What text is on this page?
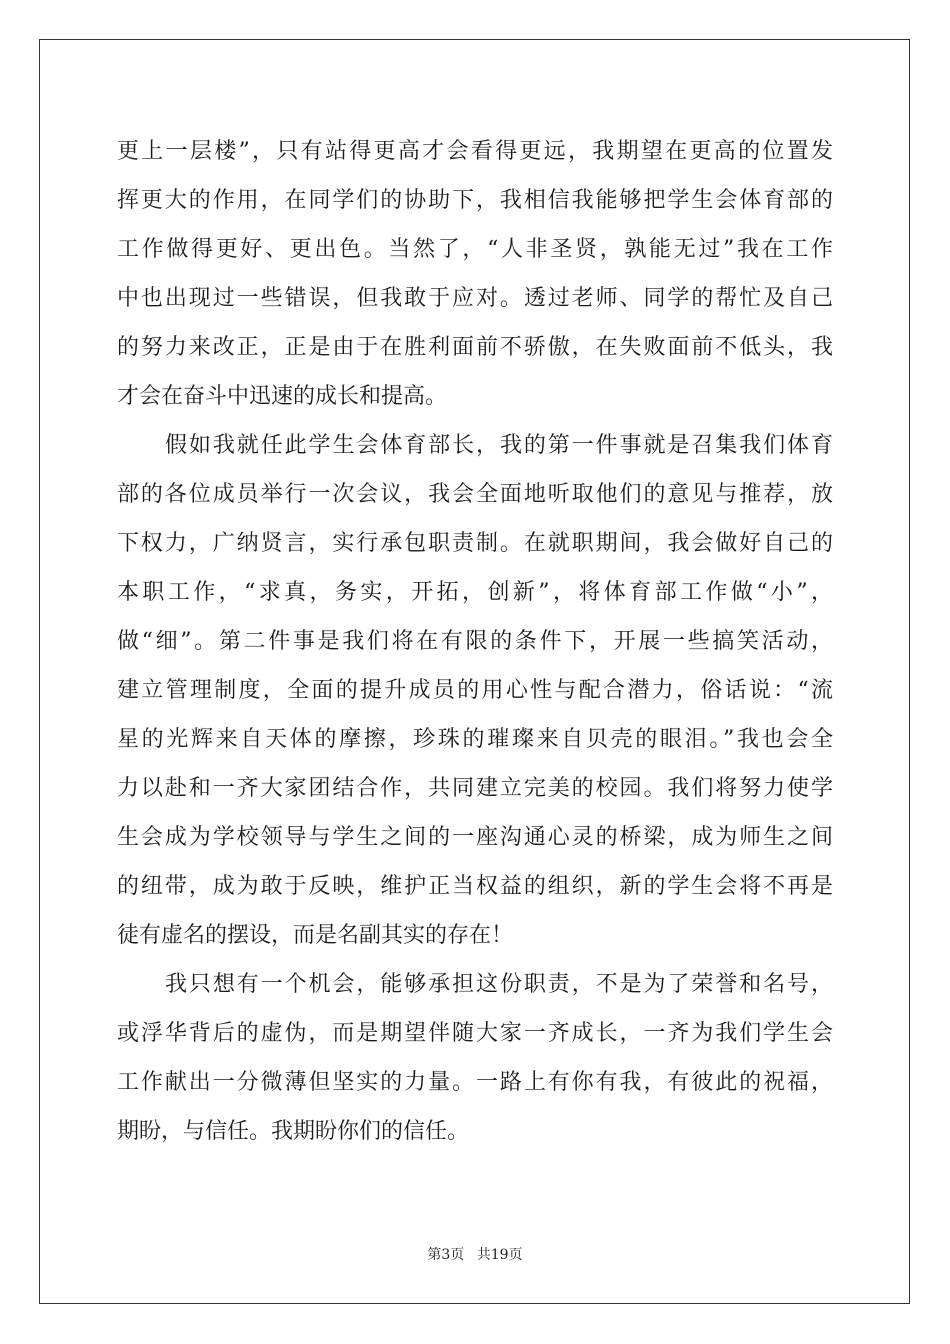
更上一层楼”，只有站得更高才会看得更远，我期望在更高的位置发
挥更大的作用，在同学们的协助下，我相信我能够把学生会体育部的
工作做得更好、更出色。当然了，“人非圣贤，孰能无过”我在工作
中也出现过一些错误，但我敢于应对。透过老师、同学的帮忙及自己
的努力来改正，正是由于在胜利面前不骄傲，在失败面前不低头，我
才会在奋斗中迅速的成长和提高。
假如我就任此学生会体育部长，我的第一件事就是召集我们体育
部的各位成员举行一次会议，我会全面地听取他们的意见与推荐，放
下权力，广纳贤言，实行承包职责制。在就职期间，我会做好自己的
本职工作，“求真，务实，开拓，创新”，将体育部工作做“小”，
做“细”。第二件事是我们将在有限的条件下，开展一些搞笑活动，
建立管理制度，全面的提升成员的用心性与配合潜力，俗话说：“流
星的光辉来自天体的摩擦，珍珠的璀璨来自贝壳的眼泪。”我也会全
力以赴和一齐大家团结合作，共同建立完美的校园。我们将努力使学
生会成为学校领导与学生之间的一座沟通心灵的桥梁，成为师生之间
的纽带，成为敢于反映，维护正当权益的组织，新的学生会将不再是
徒有虚名的摆设，而是名副其实的存在！
我只想有一个机会，能够承担这份职责，不是为了荣誉和名号，
或浮华背后的虚伪，而是期望伴随大家一齐成长，一齐为我们学生会
工作献出一分微薄但坚实的力量。一路上有你有我，有彼此的祝福，
期盼，与信任。我期盼你们的信任。
第3页 共19页
